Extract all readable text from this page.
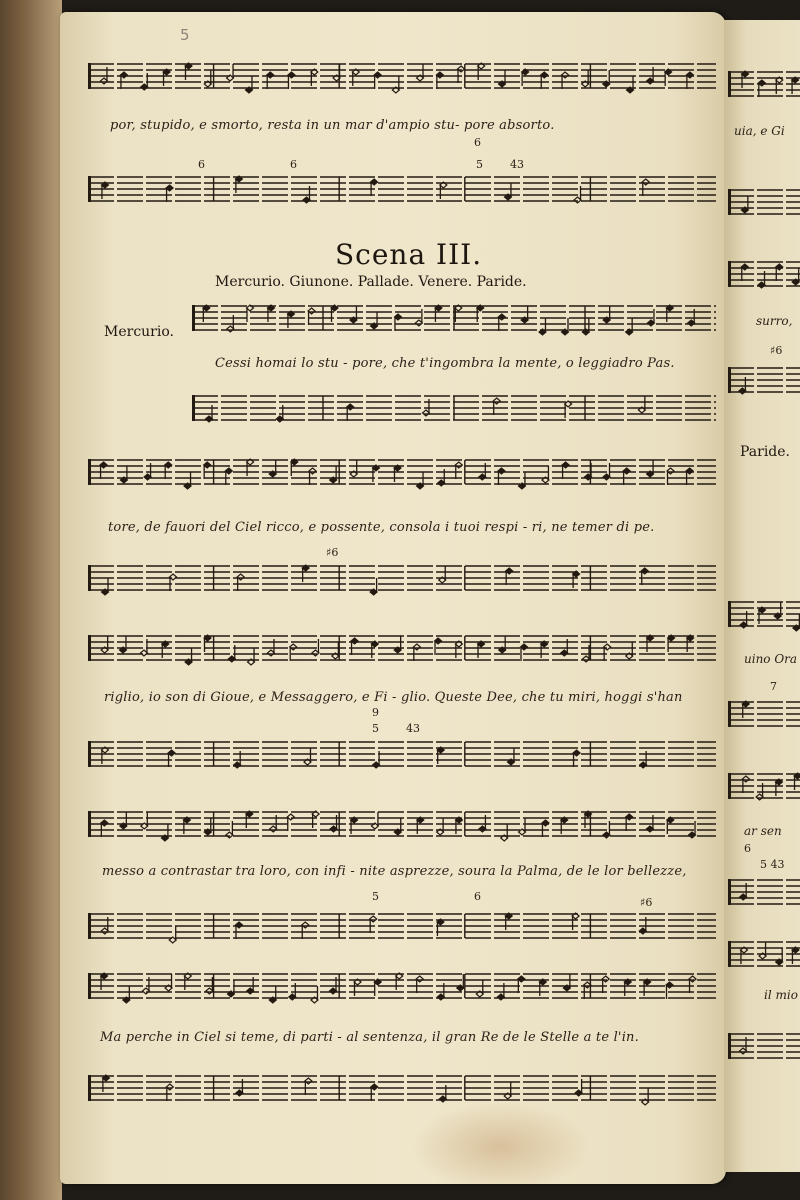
5
por, stupido, e smorto, resta in un mar d'ampio stu- pore absorto.
6
6	6	5 43
Scena III.
Mercurio. Giunone. Pallade. Venere. Paride.
Mercurio.
Cessi homai lo stu - pore, che t'ingombra la mente, o leggiadro Pas.
tore, de fauori del Ciel ricco, e possente, consola i tuoi respi - ri, ne temer di pe.
♯6
riglio, io son di Gioue, e Messaggero, e Fi - glio. Queste Dee, che tu miri, hoggi s'han
9
5 43
messo a contrastar tra loro, con infi - nite asprezze, soura la Palma, de le lor bellezze,
5	6	♯6
Ma perche in Ciel si teme, di parti - al sentenza, il gran Re de le Stelle a te l'in.
uia, e Gi
surro,
♯6
Paride.
uino Ora
7
ar sen
6
5 43
il mio
